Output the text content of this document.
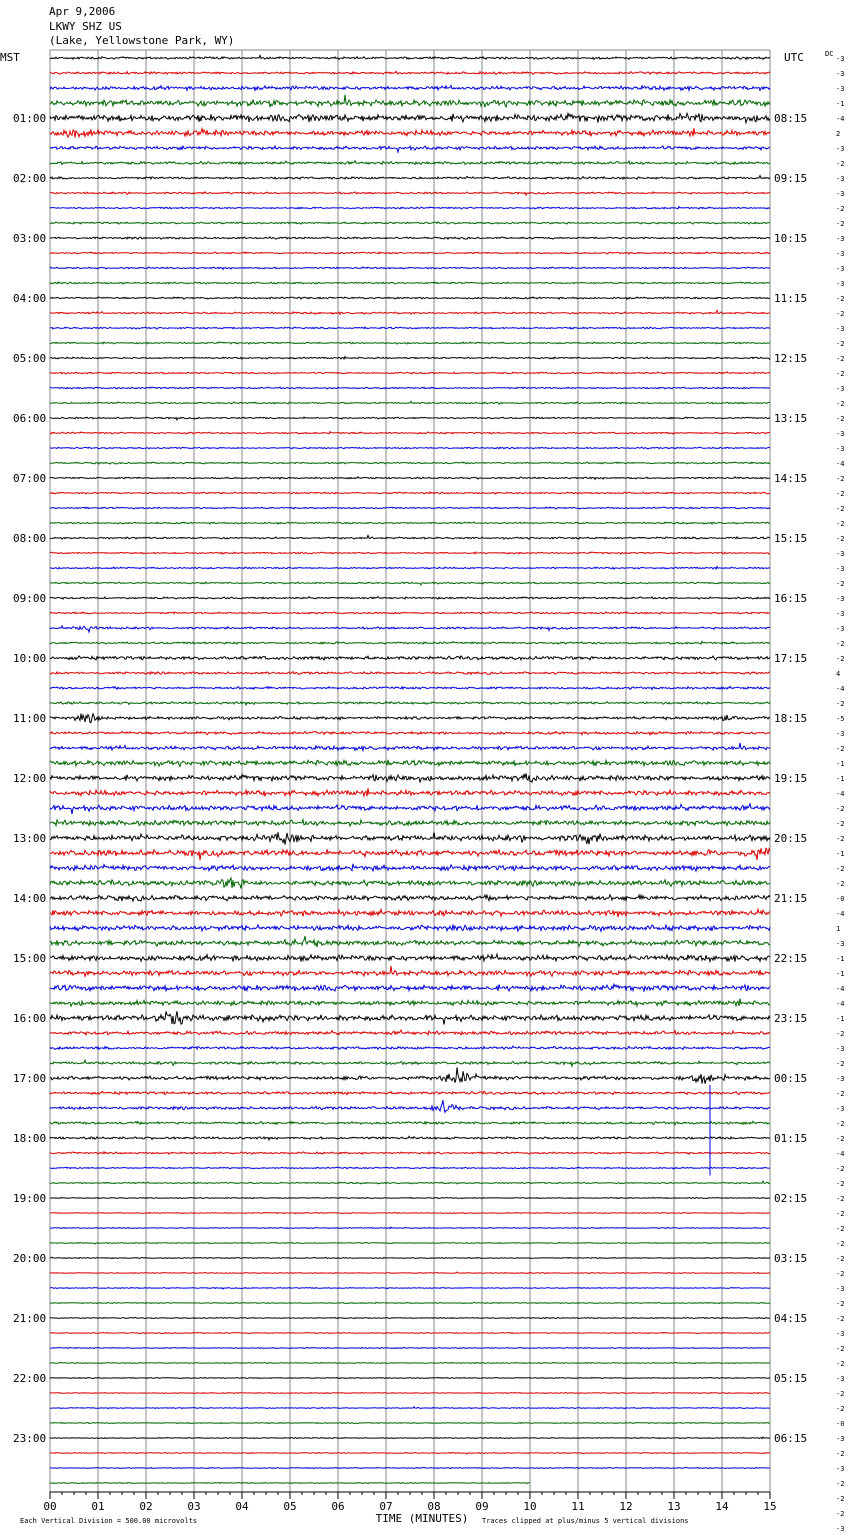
Apr 9,2006
LKWY SHZ US
(Lake, Yellowstone Park, WY)
01:00
02:00
03:00
04:00
05:00
06:00
07:00
08:00
09:00
10:00
11:00
12:00
13:00
14:00
15:00
16:00
17:00
18:00
19:00
20:00
21:00
22:00
23:00
08:15
09:15
10:15
11:15
12:15
13:15
14:15
15:15
16:15
17:15
18:15
19:15
20:15
21:15
22:15
23:15
00:15
01:15
02:15
03:15
04:15
05:15
06:15
MST	UTC	DC
-3
-3
-3
-1
-4
2
-3
-2
-3
-3
-2
-2
-3
-3
-3
-3
-2
-2
-3
-2
-2
-2
-3
-2
-2
-3
-3
-4
-2
-2
-2
-2
-2
-3
-3
-2
-3
-3
-3
-2
-2
4
-4
-2
-5
-3
-2
-1
-1
-4
-2
-2
-2
-1
-2
-2
-0
-4
1
-3
-1
-1
-4
-4
-1
-2
-3
-2
-3
-2
-3
-2
-2
-4
-2
-2
-2
-2
-2
-2
-2
-2
-3
-2
-2
-3
-2
-2
-3
-2
-2
-0
-3
-2
-3
-2
-2
-2
-3
00	01	02	03	04	05	06	07	08	09	10	11	12	13	14	15
TIME (MINUTES)
Each Vertical Division = 500.00 microvolts	Traces clipped at plus/minus 5 vertical divisions
